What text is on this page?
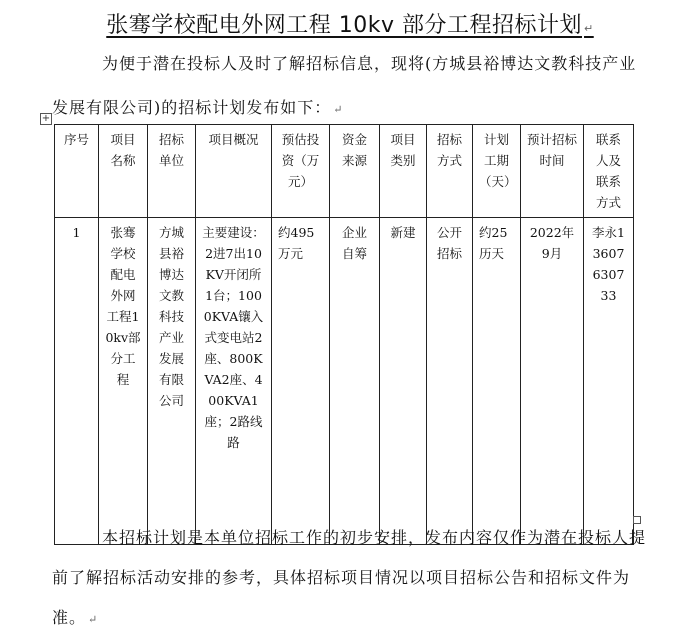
张骞学校配电外网工程 10kv 部分工程招标计划 ↵
为便于潜在投标人及时了解招标信息，现将(方城县裕博达文教科技产业发展有限公司)的招标计划发布如下： ↵
+
序号	项目名称	招标单位	项目概况	预估投资（万元）	资金来源	项目类别	招标方式	计划工期（天）	预计招标时间	联系人及联系方式
1	张骞学校配电外网工程10kv部分工程	方城县裕博达文教科技产业发展有限公司	主要建设：2进7出10KV开闭所1台；1000KVA镶入式变电站2座、800KVA2座、400KVA1座；2路线路	约495万元	企业自筹	新建	公开招标	约25历天	2022年9月	李永13607630733
本招标计划是本单位招标工作的初步安排，发布内容仅作为潜在投标人提前了解招标活动安排的参考，具体招标项目情况以项目招标公告和招标文件为准。 ↵
